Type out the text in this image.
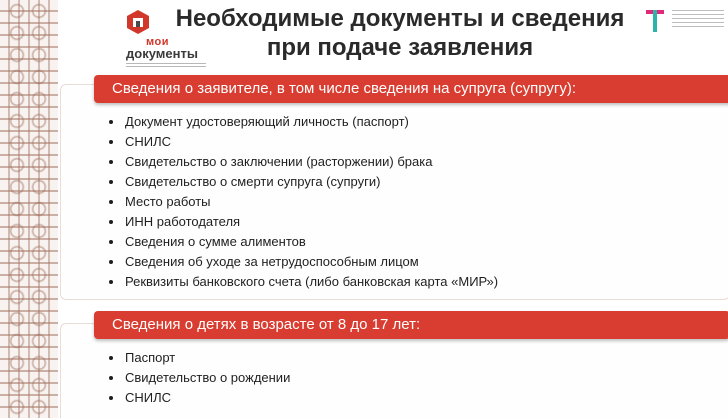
мои
документы
Необходимые документы и сведения
при подаче заявления
Сведения о заявителе, в том числе сведения на супруга (супругу):
Документ удостоверяющий личность (паспорт)
СНИЛС
Свидетельство о заключении (расторжении) брака
Свидетельство о смерти супруга (супруги)
Место работы
ИНН работодателя
Сведения о сумме алиментов
Сведения об уходе за нетрудоспособным лицом
Реквизиты банковского счета (либо банковская карта «МИР»)
Сведения о детях в возрасте от 8 до 17 лет:
Паспорт
Свидетельство о рождении
СНИЛС
